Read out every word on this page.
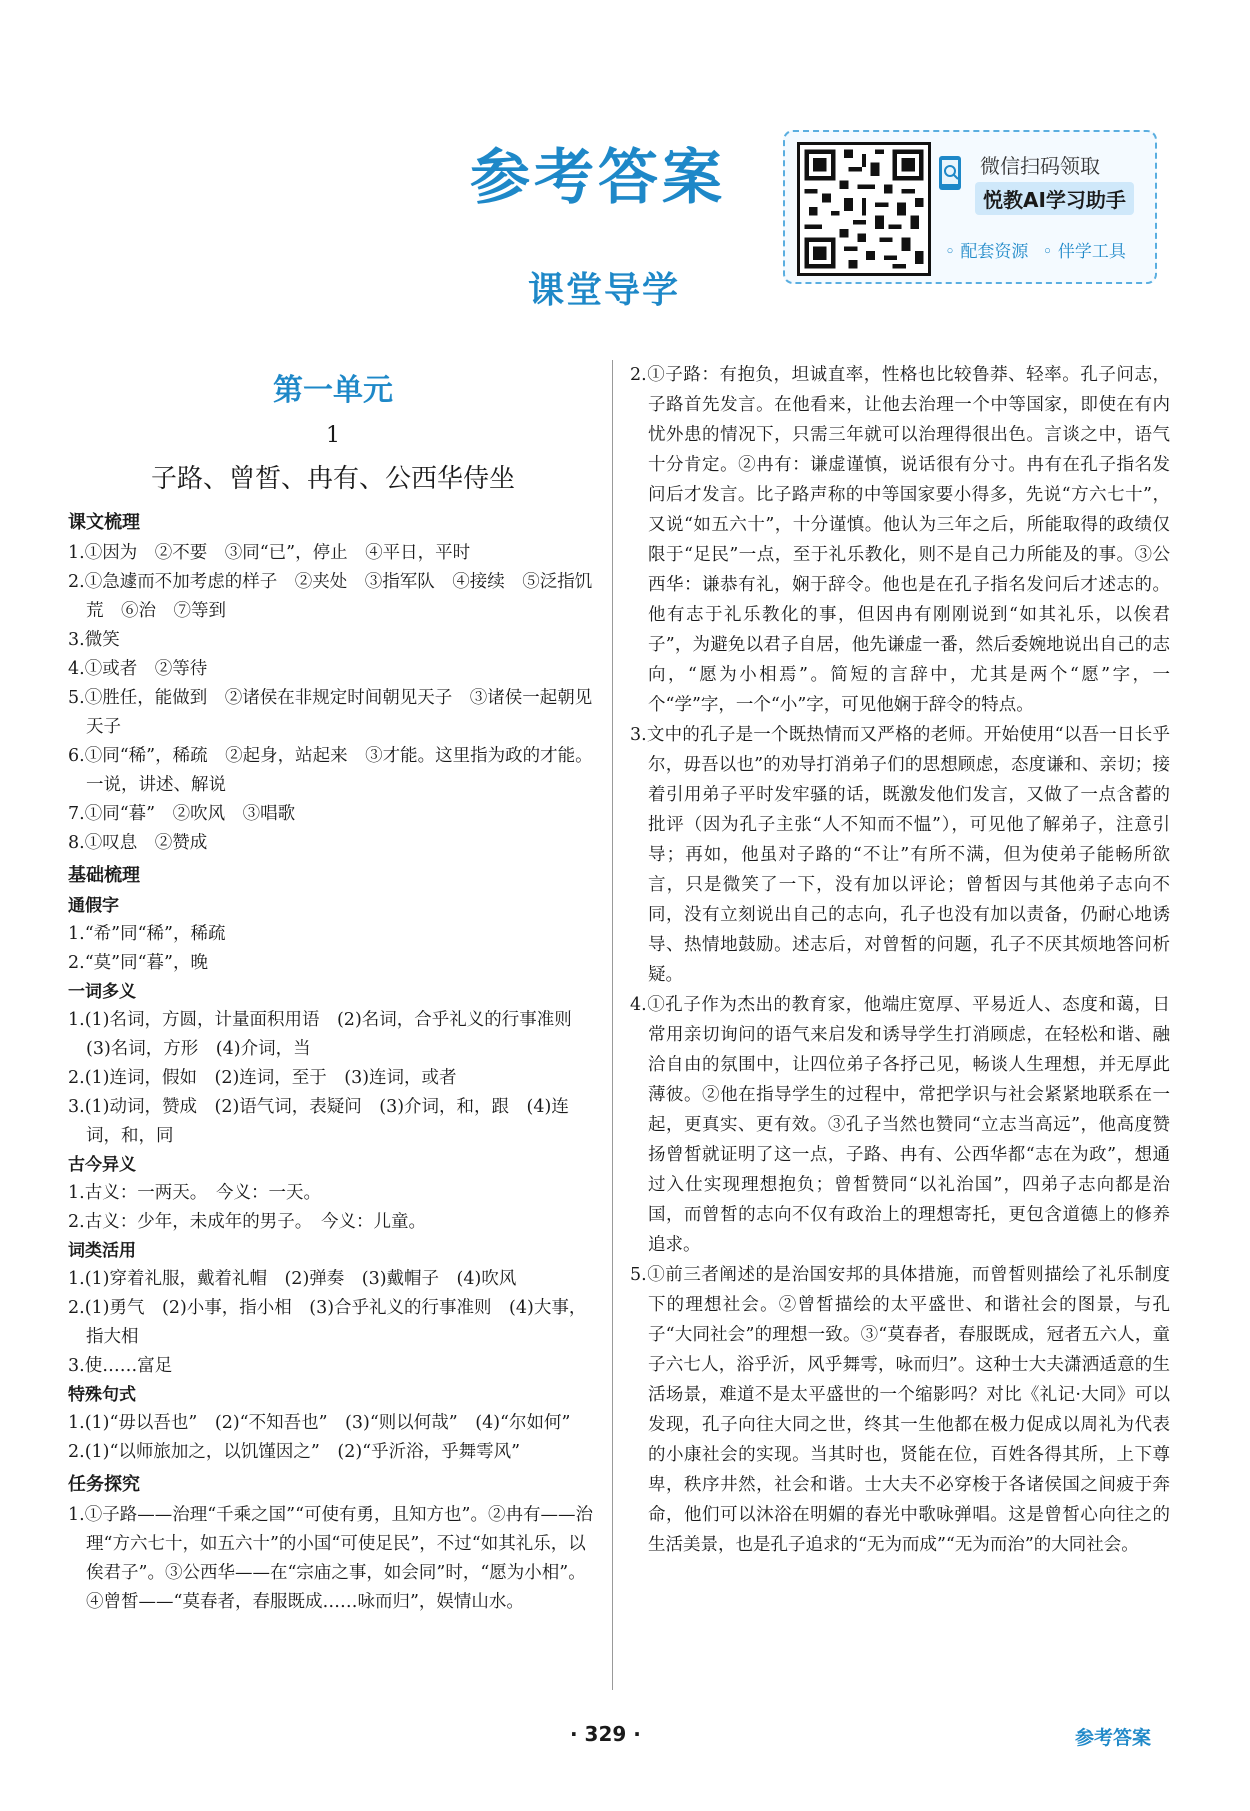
参考答案
课堂导学
微信扫码领取
悦教AI学习助手
◦ 配套资源
◦	伴学工具
第一单元
1
子路、曾皙、冉有、公西华侍坐
课文梳理
1.①因为　②不要　③同“已”，停止　④平日，平时
2.①急遽而不加考虑的样子　②夹处　③指军队　④接续　⑤泛指饥荒　⑥治　⑦等到
3.微笑
4.①或者　②等待
5.①胜任，能做到　②诸侯在非规定时间朝见天子　③诸侯一起朝见天子
6.①同“稀”，稀疏　②起身，站起来　③才能。这里指为政的才能。一说，讲述、解说
7.①同“暮”　②吹风　③唱歌
8.①叹息　②赞成
基础梳理
通假字
1.“希”同“稀”，稀疏
2.“莫”同“暮”，晚
一词多义
1.(1)名词，方圆，计量面积用语　(2)名词，合乎礼义的行事准则　(3)名词，方形　(4)介词，当
2.(1)连词，假如　(2)连词，至于　(3)连词，或者
3.(1)动词，赞成　(2)语气词，表疑问　(3)介词，和，跟　(4)连词，和，同
古今异义
1.古义：一两天。　今义：一天。
2.古义：少年，未成年的男子。　今义：儿童。
词类活用
1.(1)穿着礼服，戴着礼帽　(2)弹奏　(3)戴帽子　(4)吹风
2.(1)勇气　(2)小事，指小相　(3)合乎礼义的行事准则　(4)大事，指大相
3.使……富足
特殊句式
1.(1)“毋以吾也”　(2)“不知吾也”　(3)“则以何哉”　(4)“尔如何”
2.(1)“以师旅加之，以饥馑因之”　(2)“乎沂浴，乎舞雩风”
任务探究
1.①子路——治理“千乘之国”“可使有勇，且知方也”。②冉有——治理“方六七十，如五六十”的小国“可使足民”，不过“如其礼乐，以俟君子”。③公西华——在“宗庙之事，如会同”时，“愿为小相”。④曾皙——“莫春者，春服既成……咏而归”，娱情山水。
2.①子路：有抱负，坦诚直率，性格也比较鲁莽、轻率。孔子问志，子路首先发言。在他看来，让他去治理一个中等国家，即使在有内忧外患的情况下，只需三年就可以治理得很出色。言谈之中，语气十分肯定。②冉有：谦虚谨慎，说话很有分寸。冉有在孔子指名发问后才发言。比子路声称的中等国家要小得多，先说“方六七十”，又说“如五六十”，十分谨慎。他认为三年之后，所能取得的政绩仅限于“足民”一点，至于礼乐教化，则不是自己力所能及的事。③公西华：谦恭有礼，娴于辞令。他也是在孔子指名发问后才述志的。他有志于礼乐教化的事，但因冉有刚刚说到“如其礼乐，以俟君子”，为避免以君子自居，他先谦虚一番，然后委婉地说出自己的志向，“愿为小相焉”。简短的言辞中，尤其是两个“愿”字，一个“学”字，一个“小”字，可见他娴于辞令的特点。
3.文中的孔子是一个既热情而又严格的老师。开始使用“以吾一日长乎尔，毋吾以也”的劝导打消弟子们的思想顾虑，态度谦和、亲切；接着引用弟子平时发牢骚的话，既激发他们发言，又做了一点含蓄的批评（因为孔子主张“人不知而不愠”），可见他了解弟子，注意引导；再如，他虽对子路的“不让”有所不满，但为使弟子能畅所欲言，只是微笑了一下，没有加以评论；曾皙因与其他弟子志向不同，没有立刻说出自己的志向，孔子也没有加以责备，仍耐心地诱导、热情地鼓励。述志后，对曾皙的问题，孔子不厌其烦地答问析疑。
4.①孔子作为杰出的教育家，他端庄宽厚、平易近人、态度和蔼，日常用亲切询问的语气来启发和诱导学生打消顾虑，在轻松和谐、融洽自由的氛围中，让四位弟子各抒己见，畅谈人生理想，并无厚此薄彼。②他在指导学生的过程中，常把学识与社会紧紧地联系在一起，更真实、更有效。③孔子当然也赞同“立志当高远”，他高度赞扬曾皙就证明了这一点，子路、冉有、公西华都“志在为政”，想通过入仕实现理想抱负；曾皙赞同“以礼治国”，四弟子志向都是治国，而曾皙的志向不仅有政治上的理想寄托，更包含道德上的修养追求。
5.①前三者阐述的是治国安邦的具体措施，而曾皙则描绘了礼乐制度下的理想社会。②曾皙描绘的太平盛世、和谐社会的图景，与孔子“大同社会”的理想一致。③“莫春者，春服既成，冠者五六人，童子六七人，浴乎沂，风乎舞雩，咏而归”。这种士大夫潇洒适意的生活场景，难道不是太平盛世的一个缩影吗？对比《礼记·大同》可以发现，孔子向往大同之世，终其一生他都在极力促成以周礼为代表的小康社会的实现。当其时也，贤能在位，百姓各得其所，上下尊卑，秩序井然，社会和谐。士大夫不必穿梭于各诸侯国之间疲于奔命，他们可以沐浴在明媚的春光中歌咏弹唱。这是曾皙心向往之的生活美景，也是孔子追求的“无为而成”“无为而治”的大同社会。
· 329 ·	参考答案
